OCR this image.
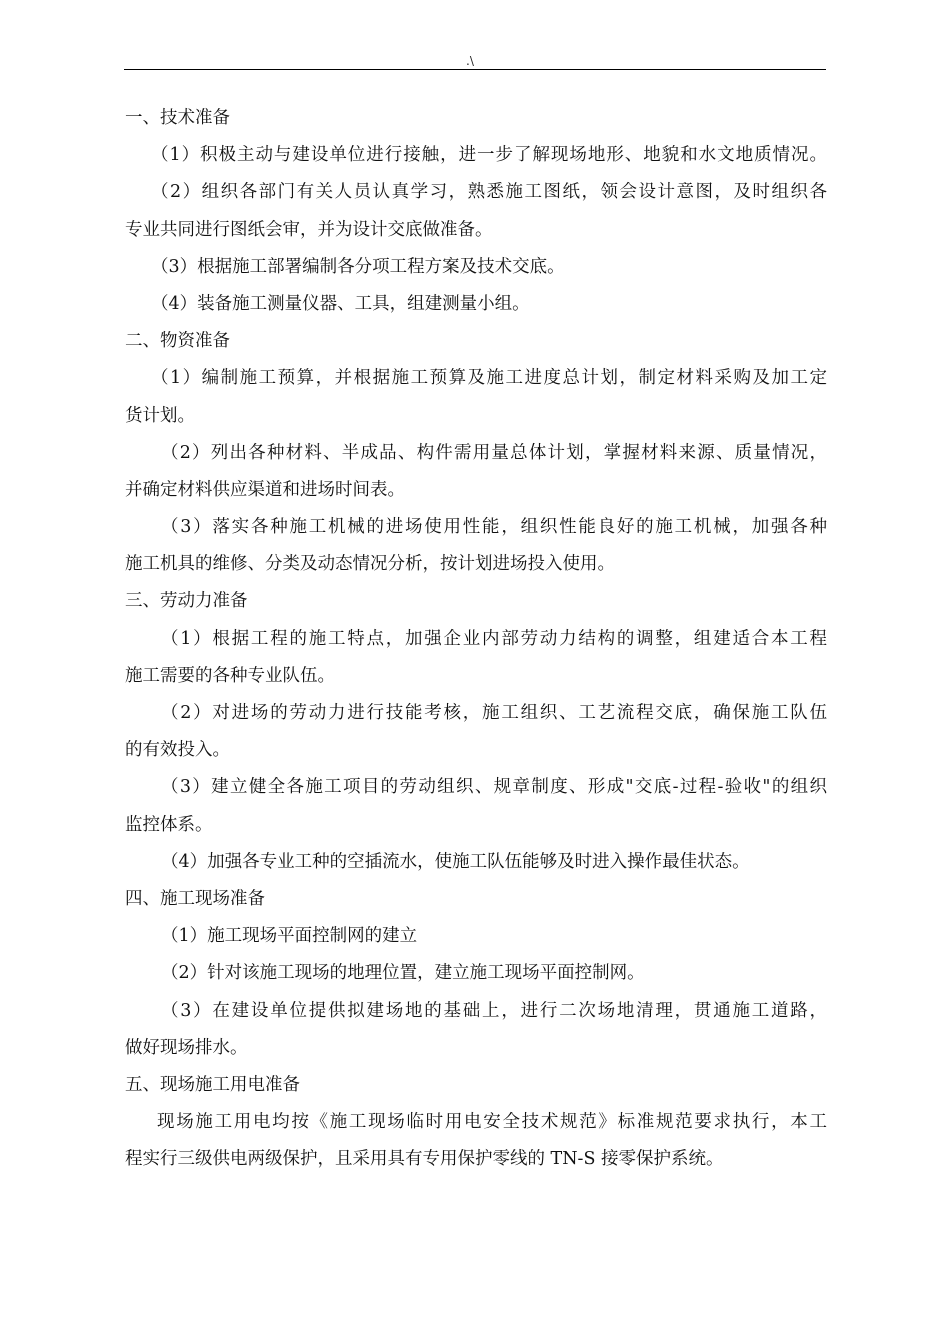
.\
一、技术准备
（1）积极主动与建设单位进行接触，进一步了解现场地形、地貌和水文地质情况。
（2）组织各部门有关人员认真学习，熟悉施工图纸，领会设计意图，及时组织各
专业共同进行图纸会审，并为设计交底做准备。
（3）根据施工部署编制各分项工程方案及技术交底。
（4）装备施工测量仪器、工具，组建测量小组。
二、物资准备
（1）编制施工预算，并根据施工预算及施工进度总计划，制定材料采购及加工定
货计划。
（2）列出各种材料、半成品、构件需用量总体计划，掌握材料来源、质量情况，
并确定材料供应渠道和进场时间表。
（3）落实各种施工机械的进场使用性能，组织性能良好的施工机械，加强各种
施工机具的维修、分类及动态情况分析，按计划进场投入使用。
三、劳动力准备
（1）根据工程的施工特点，加强企业内部劳动力结构的调整，组建适合本工程
施工需要的各种专业队伍。
（2）对进场的劳动力进行技能考核，施工组织、工艺流程交底，确保施工队伍
的有效投入。
（3）建立健全各施工项目的劳动组织、规章制度、形成"交底-过程-验收"的组织
监控体系。
（4）加强各专业工种的空插流水，使施工队伍能够及时进入操作最佳状态。
四、施工现场准备
（1）施工现场平面控制网的建立
（2）针对该施工现场的地理位置，建立施工现场平面控制网。
（3）在建设单位提供拟建场地的基础上，进行二次场地清理，贯通施工道路，
做好现场排水。
五、现场施工用电准备
现场施工用电均按《施工现场临时用电安全技术规范》标准规范要求执行，本工
程实行三级供电两级保护，且采用具有专用保护零线的 TN-S 接零保护系统。
